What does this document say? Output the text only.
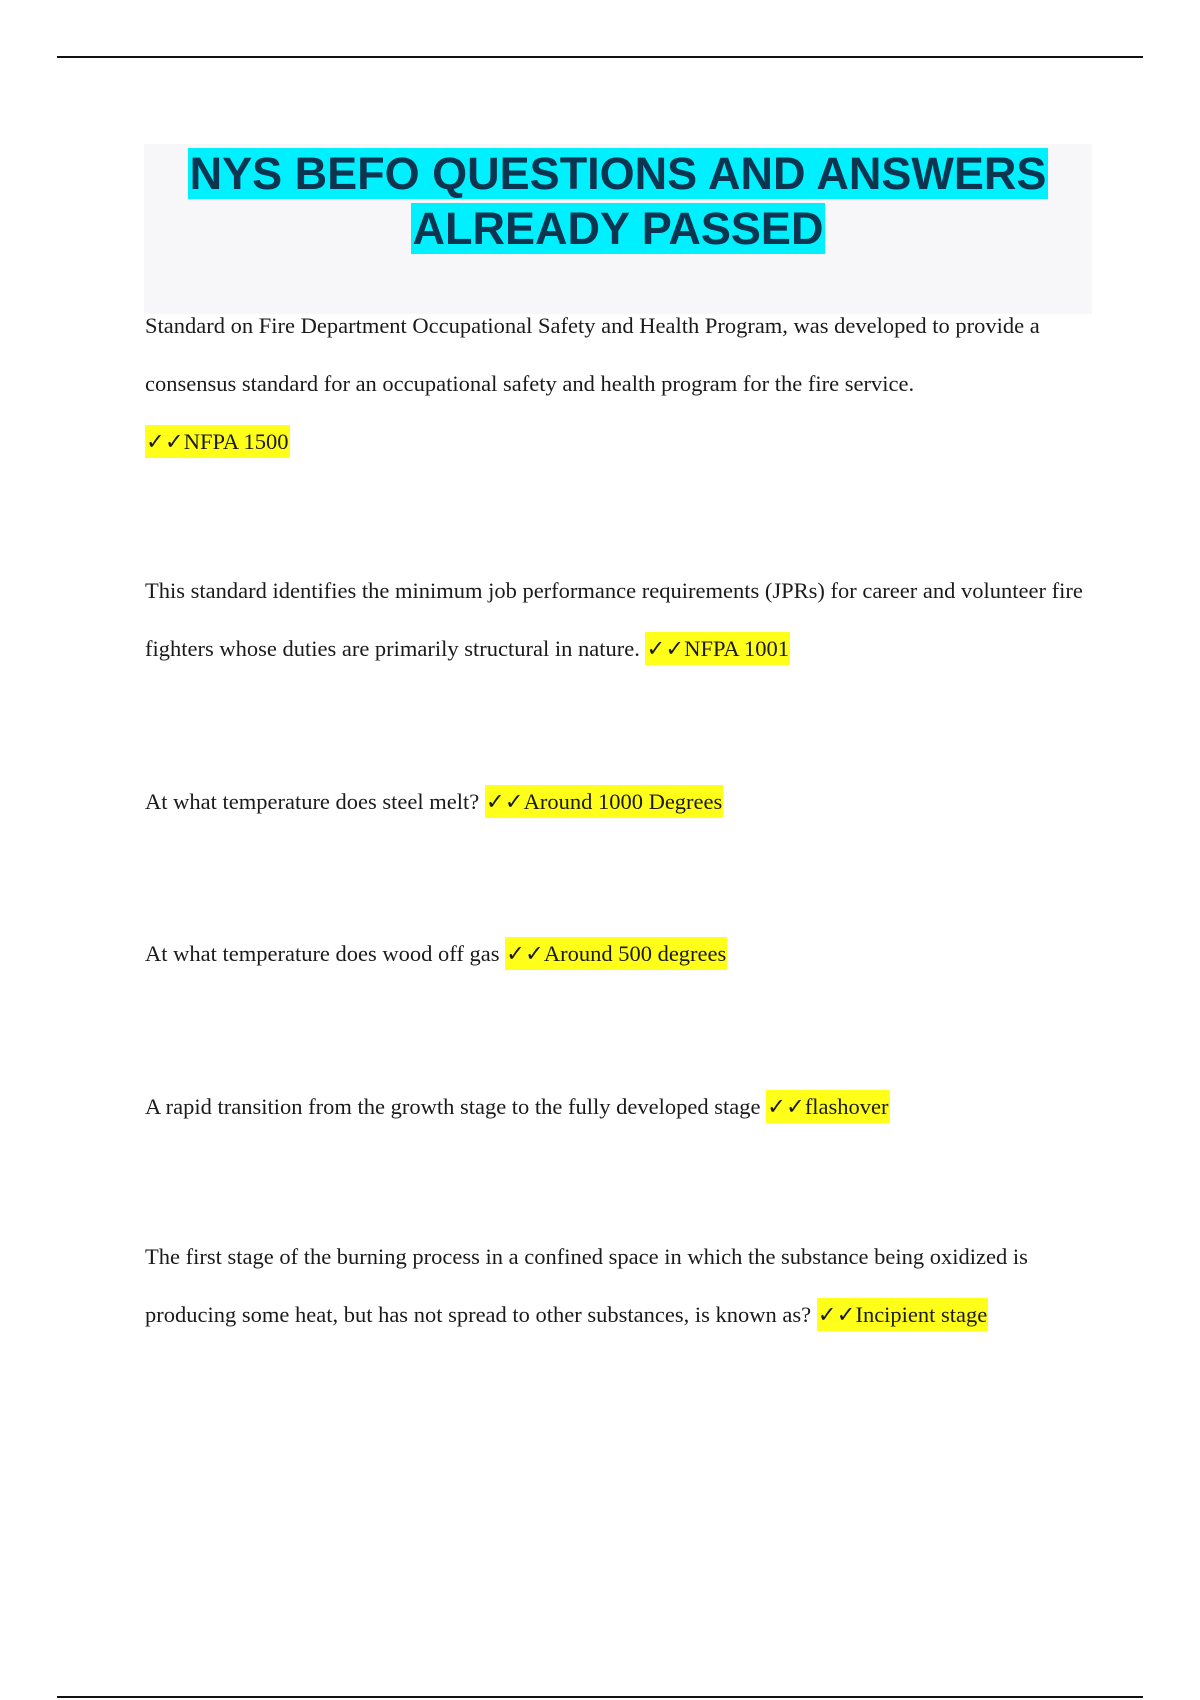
NYS BEFO QUESTIONS AND ANSWERS
ALREADY PASSED

Standard on Fire Department Occupational Safety and Health Program, was developed to provide a consensus standard for an occupational safety and health program for the fire service.
✓✓NFPA 1500

This standard identifies the minimum job performance requirements (JPRs) for career and volunteer fire fighters whose duties are primarily structural in nature. ✓✓NFPA 1001

At what temperature does steel melt? ✓✓Around 1000 Degrees

At what temperature does wood off gas ✓✓Around 500 degrees

A rapid transition from the growth stage to the fully developed stage ✓✓flashover

The first stage of the burning process in a confined space in which the substance being oxidized is producing some heat, but has not spread to other substances, is known as? ✓✓Incipient stage
